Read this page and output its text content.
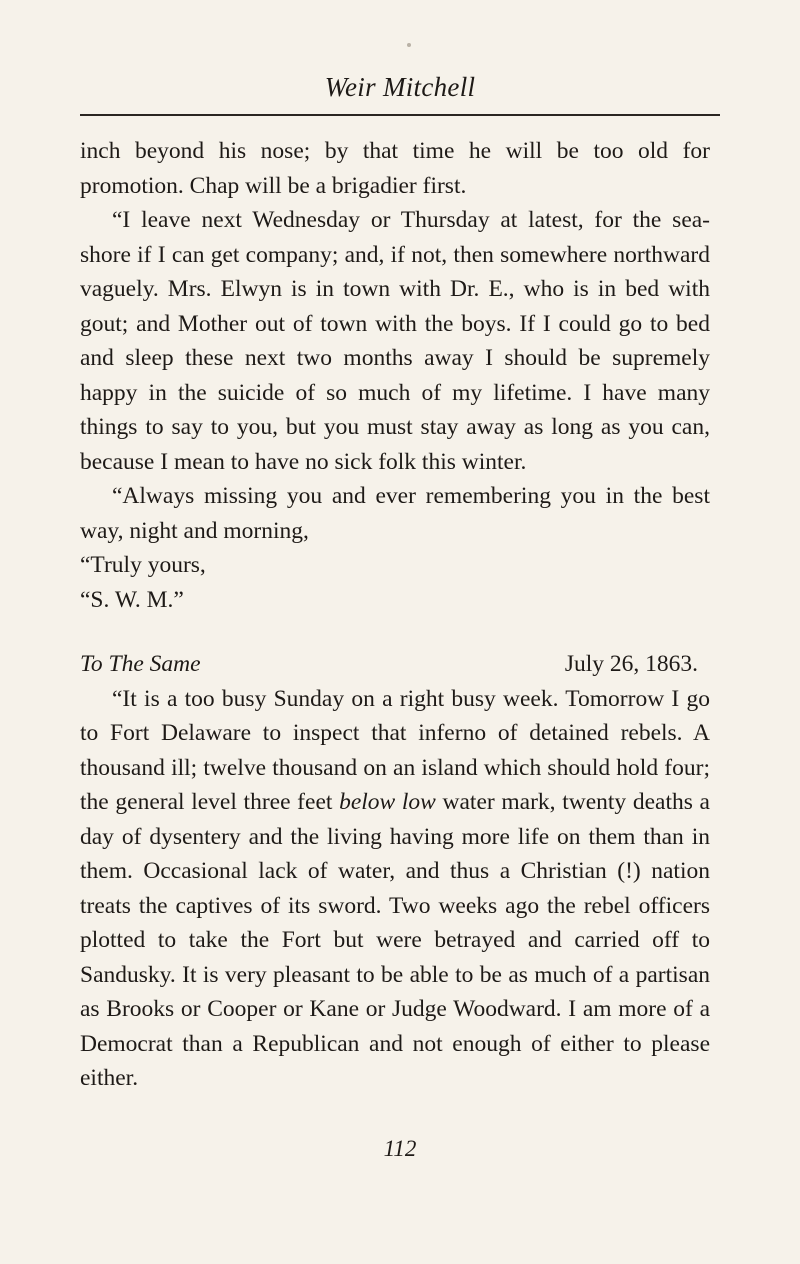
Weir Mitchell

inch beyond his nose; by that time he will be too old for promotion. Chap will be a brigadier first.

“I leave next Wednesday or Thursday at latest, for the sea-shore if I can get company; and, if not, then somewhere northward vaguely. Mrs. Elwyn is in town with Dr. E., who is in bed with gout; and Mother out of town with the boys. If I could go to bed and sleep these next two months away I should be supremely happy in the suicide of so much of my lifetime. I have many things to say to you, but you must stay away as long as you can, because I mean to have no sick folk this winter.

“Always missing you and ever remembering you in the best way, night and morning,

“Truly yours,

“S. W. M.”

To The Same	July 26, 1863.

“It is a too busy Sunday on a right busy week. Tomorrow I go to Fort Delaware to inspect that inferno of detained rebels. A thousand ill; twelve thousand on an island which should hold four; the general level three feet below low water mark, twenty deaths a day of dysentery and the living having more life on them than in them. Occasional lack of water, and thus a Christian (!) nation treats the captives of its sword. Two weeks ago the rebel officers plotted to take the Fort but were betrayed and carried off to Sandusky. It is very pleasant to be able to be as much of a partisan as Brooks or Cooper or Kane or Judge Woodward. I am more of a Democrat than a Republican and not enough of either to please either.

112
